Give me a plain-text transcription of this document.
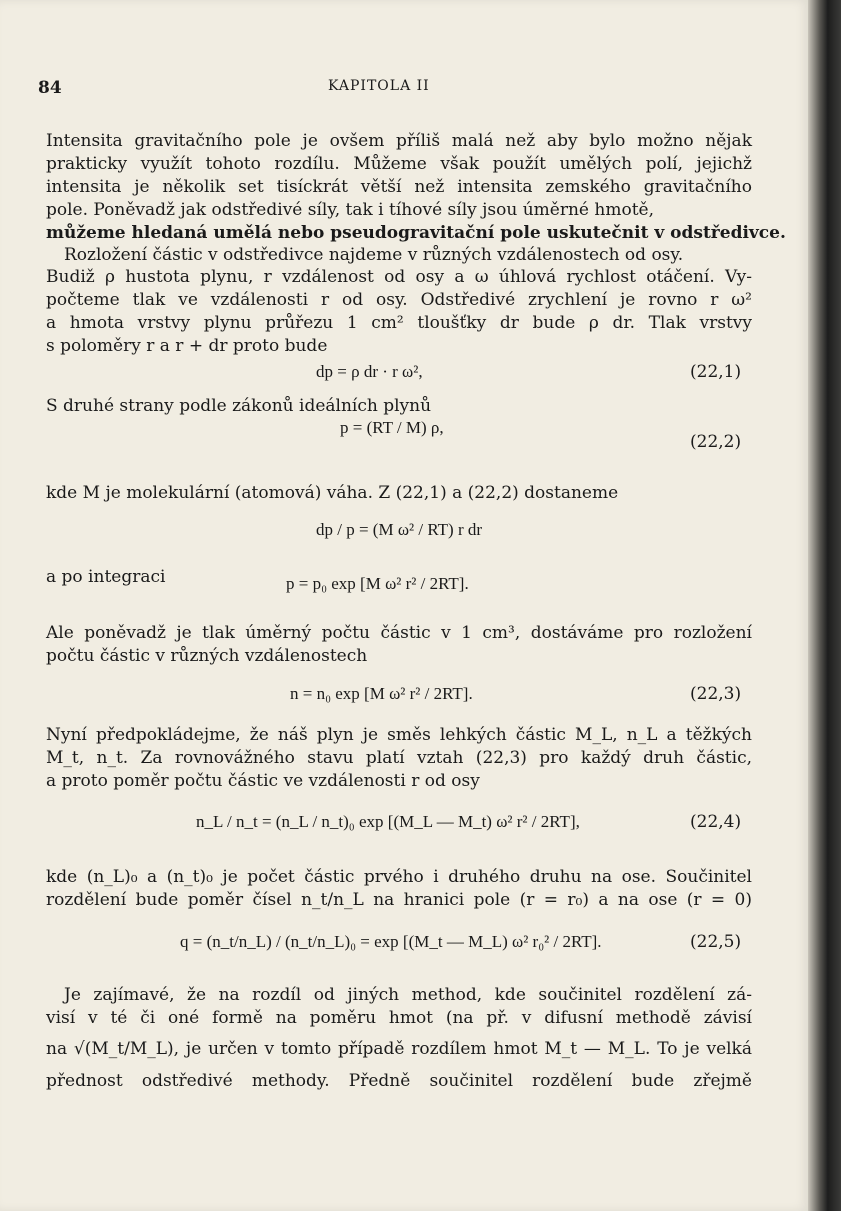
84	KAPITOLA II
Intensita gravitačního pole je ovšem příliš malá než aby bylo možno nějak
prakticky využít tohoto rozdílu. Můžeme však použít umělých polí, jejichž
intensita je několik set tisíckrát větší než intensita zemského gravitačního
pole. Poněvadž jak odstředivé síly, tak i tíhové síly jsou úměrné hmotě,
můžeme hledaná umělá nebo pseudogravitační pole uskutečnit v odstředivce.
Rozložení částic v odstředivce najdeme v různých vzdálenostech od osy.
Budiž ρ hustota plynu, r vzdálenost od osy a ω úhlová rychlost otáčení. Vy-
počteme tlak ve vzdálenosti r od osy. Odstředivé zrychlení je rovno r ω²
a hmota vrstvy plynu průřezu 1 cm² tloušťky dr bude ρ dr. Tlak vrstvy
s poloměry r a r + dr proto bude
dp = ρ dr · r ω²,	(22,1)
S druhé strany podle zákonů ideálních plynů
p = (RT / M) ρ,
(22,2)
kde M je molekulární (atomová) váha. Z (22,1) a (22,2) dostaneme
dp / p = (M ω² / RT) r dr
a po integraci	p = p₀ exp [M ω² r² / 2RT].
Ale poněvadž je tlak úměrný počtu částic v 1 cm³, dostáváme pro rozložení
počtu částic v různých vzdálenostech
n = n₀ exp [M ω² r² / 2RT].	(22,3)
Nyní předpokládejme, že náš plyn je směs lehkých částic M_L, n_L a těžkých
M_t, n_t. Za rovnovážného stavu platí vztah (22,3) pro každý druh částic,
a proto poměr počtu částic ve vzdálenosti r od osy
n_L / n_t = (n_L / n_t)₀ exp [(M_L — M_t) ω² r² / 2RT],	(22,4)
kde (n_L)₀ a (n_t)₀ je počet částic prvého i druhého druhu na ose. Součinitel
rozdělení bude poměr čísel n_t/n_L na hranici pole (r = r₀) a na ose (r = 0)
q = (n_t/n_L) / (n_t/n_L)₀ = exp [(M_t — M_L) ω² r₀² / 2RT].	(22,5)
Je zajímavé, že na rozdíl od jiných method, kde součinitel rozdělení zá-
visí v té či oné formě na poměru hmot (na př. v difusní methodě závisí
na √(M_t/M_L), je určen v tomto případě rozdílem hmot M_t — M_L. To je velká
přednost odstředivé methody. Předně součinitel rozdělení bude zřejmě
